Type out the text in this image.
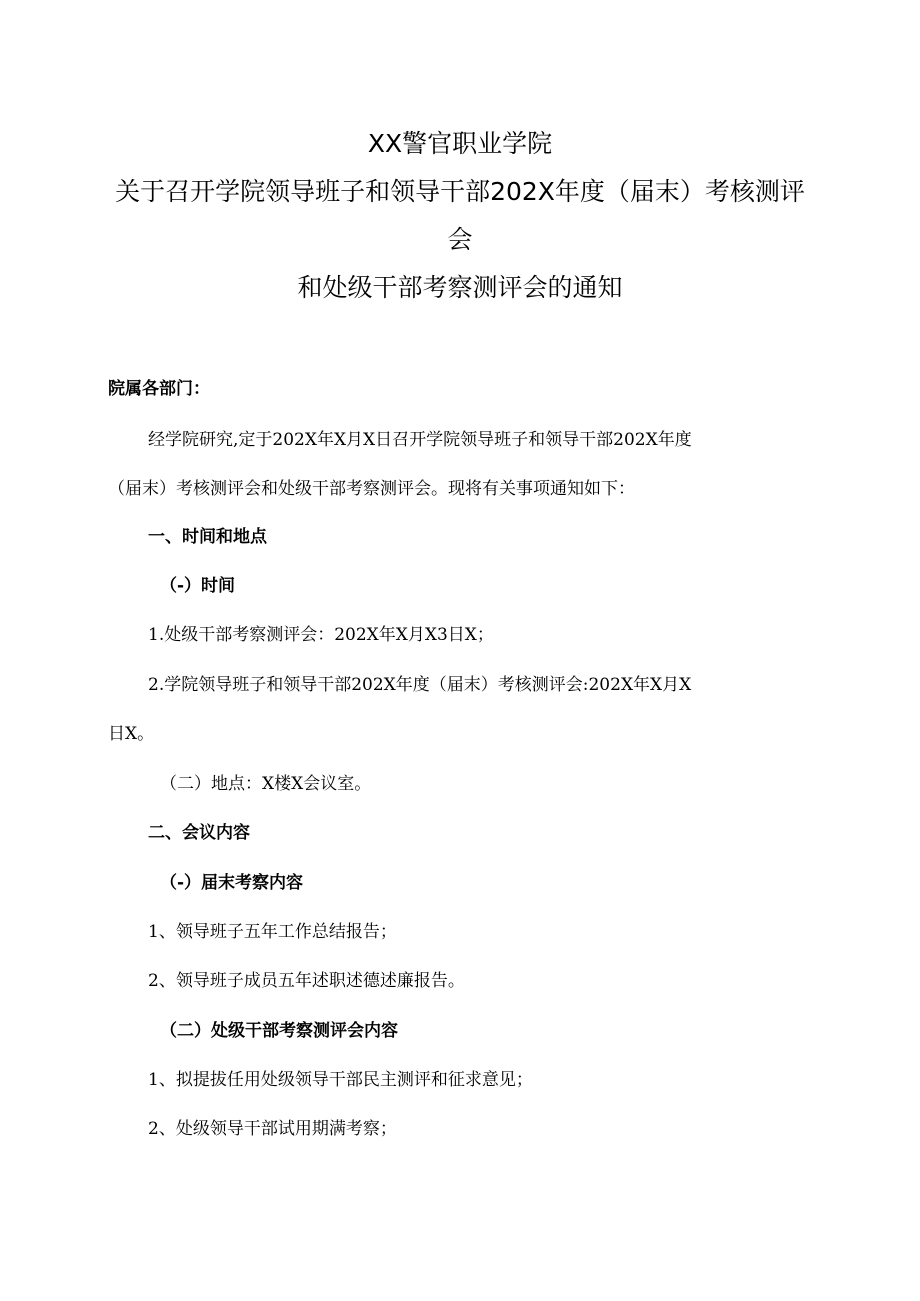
XX警官职业学院
关于召开学院领导班子和领导干部202X年度（届末）考核测评
会
和处级干部考察测评会的通知
院属各部门：
经学院研究,定于202X年X月X日召开学院领导班子和领导干部202X年度
（届末）考核测评会和处级干部考察测评会。现将有关事项通知如下：
一、时间和地点
（-）时间
1.处级干部考察测评会：202X年X月X3日X；
2.学院领导班子和领导干部202X年度（届末）考核测评会:202X年X月X
日X。
（二）地点：X楼X会议室。
二、会议内容
（-）届末考察内容
1、领导班子五年工作总结报告；
2、领导班子成员五年述职述德述廉报告。
（二）处级干部考察测评会内容
1、拟提拔任用处级领导干部民主测评和征求意见；
2、处级领导干部试用期满考察；
